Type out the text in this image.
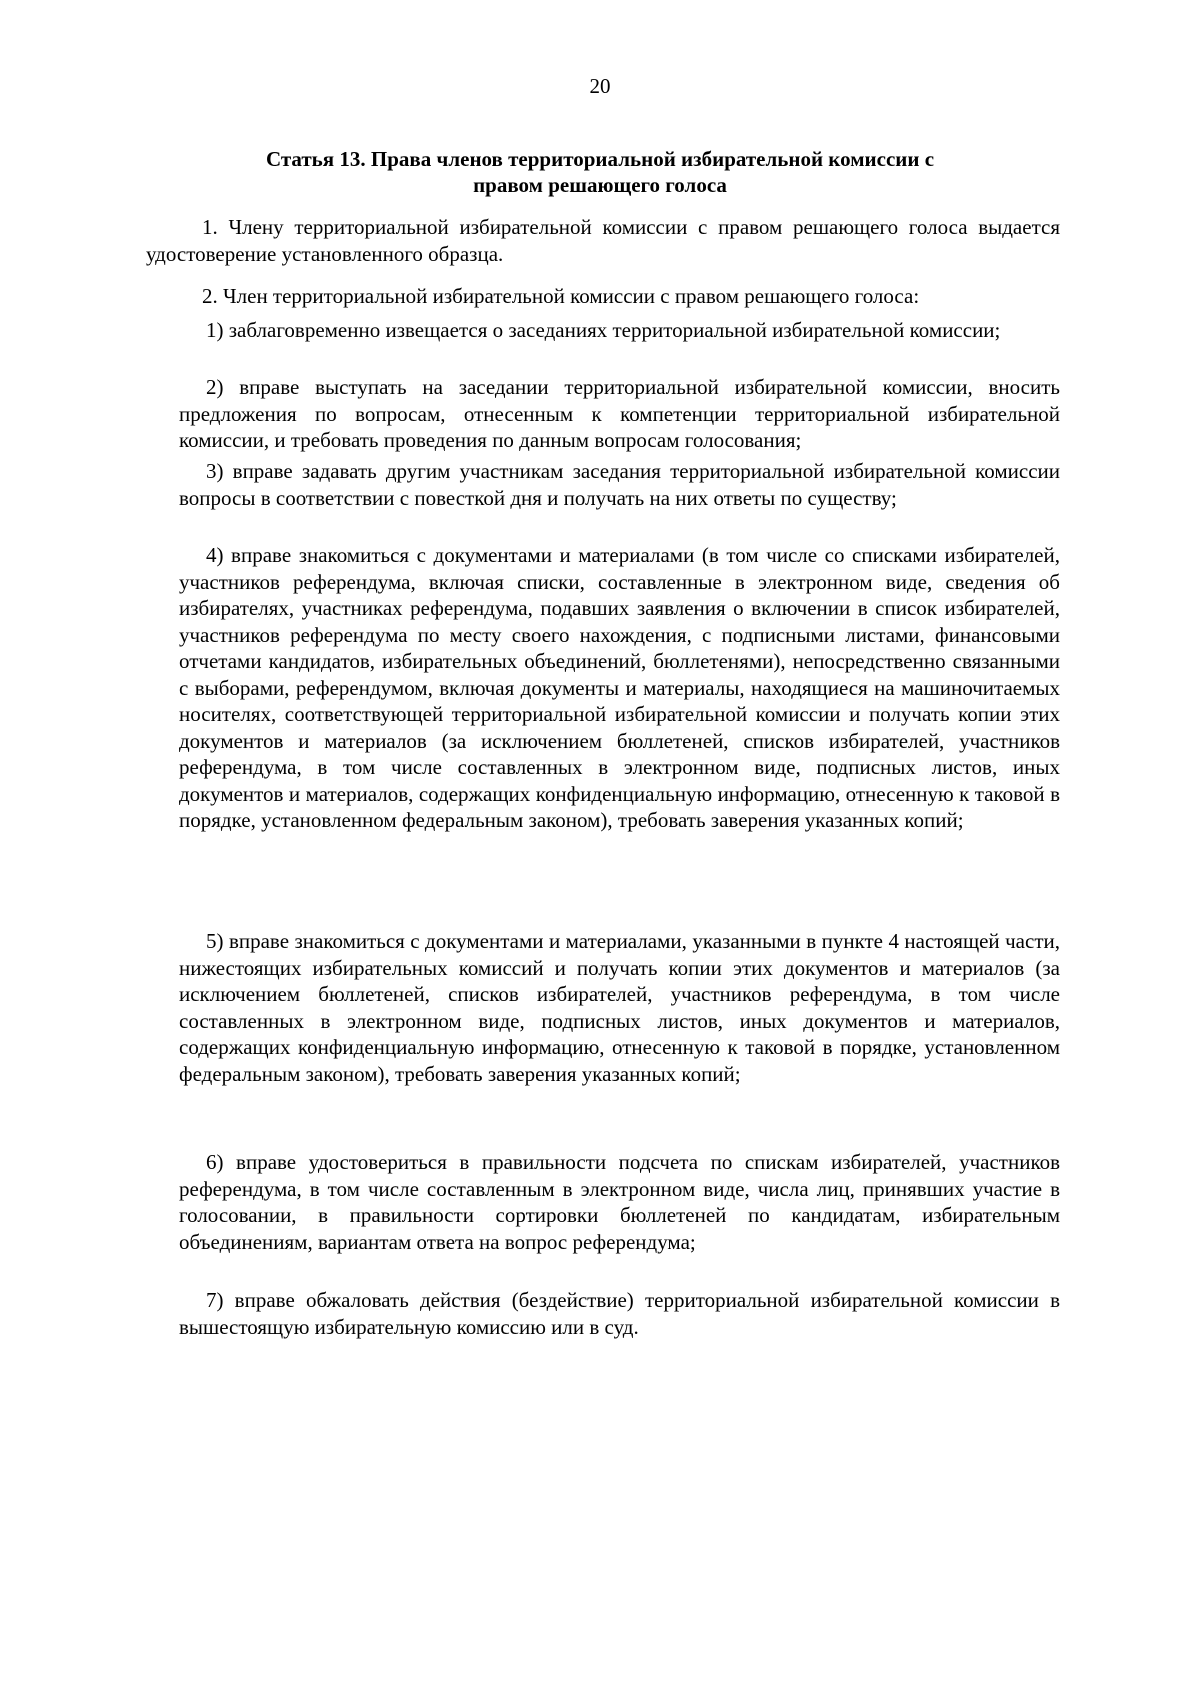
20
Статья 13. Права членов территориальной избирательной комиссии с
правом решающего голоса

1. Члену территориальной избирательной комиссии с правом решающего голоса выдается удостоверение установленного образца.

2. Член территориальной избирательной комиссии с правом решающего голоса:

1) заблаговременно извещается о заседаниях территориальной избирательной комиссии;

2) вправе выступать на заседании территориальной избирательной комиссии, вносить предложения по вопросам, отнесенным к компетенции территориальной избирательной комиссии, и требовать проведения по данным вопросам голосования;

3) вправе задавать другим участникам заседания территориальной избирательной комиссии вопросы в соответствии с повесткой дня и получать на них ответы по существу;

4) вправе знакомиться с документами и материалами (в том числе со списками избирателей, участников референдума, включая списки, составленные в электронном виде, сведения об избирателях, участниках референдума, подавших заявления о включении в список избирателей, участников референдума по месту своего нахождения, с подписными листами, финансовыми отчетами кандидатов, избирательных объединений, бюллетенями), непосредственно связанными с выборами, референдумом, включая документы и материалы, находящиеся на машиночитаемых носителях, соответствующей территориальной избирательной комиссии и получать копии этих документов и материалов (за исключением бюллетеней, списков избирателей, участников референдума, в том числе составленных в электронном виде, подписных листов, иных документов и материалов, содержащих конфиденциальную информацию, отнесенную к таковой в порядке, установленном федеральным законом), требовать заверения указанных копий;

5) вправе знакомиться с документами и материалами, указанными в пункте 4 настоящей части, нижестоящих избирательных комиссий и получать копии этих документов и материалов (за исключением бюллетеней, списков избирателей, участников референдума, в том числе составленных в электронном виде, подписных листов, иных документов и материалов, содержащих конфиденциальную информацию, отнесенную к таковой в порядке, установленном федеральным законом), требовать заверения указанных копий;

6) вправе удостовериться в правильности подсчета по спискам избирателей, участников референдума, в том числе составленным в электронном виде, числа лиц, принявших участие в голосовании, в правильности сортировки бюллетеней по кандидатам, избирательным объединениям, вариантам ответа на вопрос референдума;

7) вправе обжаловать действия (бездействие) территориальной избирательной комиссии в вышестоящую избирательную комиссию или в суд.
